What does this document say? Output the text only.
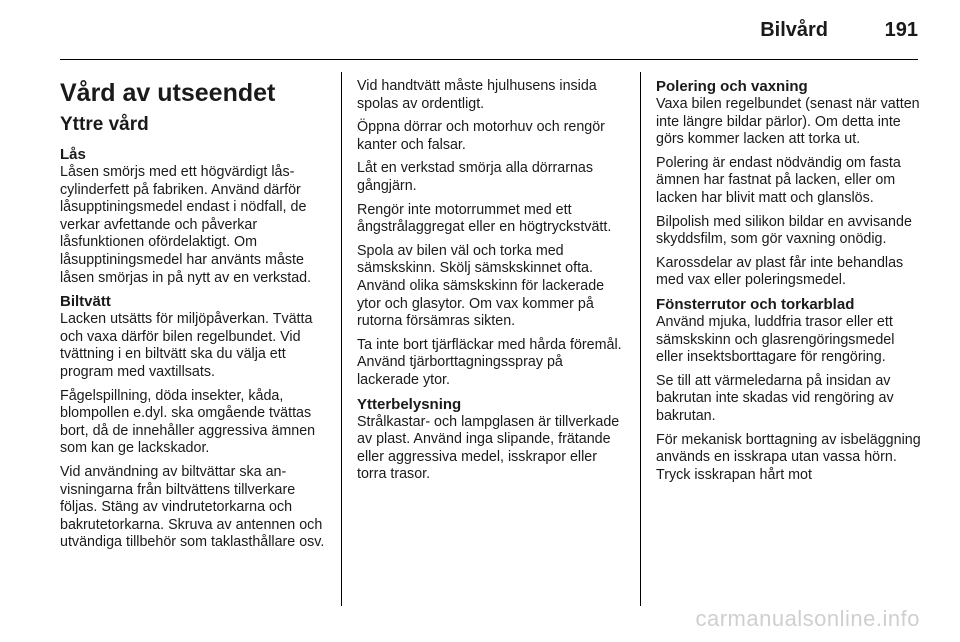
Bilvård	191
Vård av utseendet
Yttre vård
Lås

Låsen smörjs med ett högvärdigt låscylinderfett på fabriken. Använd därför låsupptiningsmedel endast i nödfall, de verkar avfettande och påverkar låsfunktionen ofördelaktigt. Om låsupptiningsmedel har använts måste låsen smörjas in på nytt av en verkstad.

Biltvätt

Lacken utsätts för miljöpåverkan. Tvätta och vaxa därför bilen regelbundet. Vid tvättning i en biltvätt ska du välja ett program med vaxtillsats.

Fågelspillning, döda insekter, kåda, blompollen e.dyl. ska omgående tvättas bort, då de innehåller aggressiva ämnen som kan ge lackskador.

Vid användning av biltvättar ska anvisningarna från biltvättens tillverkare följas. Stäng av vindrutetorkarna och bakrutetorkarna. Skruva av antennen och utvändiga tillbehör som taklasthållare osv.

Vid handtvätt måste hjulhusens insida spolas av ordentligt.

Öppna dörrar och motorhuv och rengör kanter och falsar.

Låt en verkstad smörja alla dörrarnas gångjärn.

Rengör inte motorrummet med ett ångstrålaggregat eller en högtryckstvätt.

Spola av bilen väl och torka med sämskskinn. Skölj sämskskinnet ofta. Använd olika sämskskinn för lackerade ytor och glasytor. Om vax kommer på rutorna försämras sikten.

Ta inte bort tjärfläckar med hårda föremål. Använd tjärborttagningsspray på lackerade ytor.

Ytterbelysning

Strålkastar- och lampglasen är tillverkade av plast. Använd inga slipande, frätande eller aggressiva medel, isskrapor eller torra trasor.

Polering och vaxning

Vaxa bilen regelbundet (senast när vatten inte längre bildar pärlor). Om detta inte görs kommer lacken att torka ut.

Polering är endast nödvändig om fasta ämnen har fastnat på lacken, eller om lacken har blivit matt och glanslös.

Bilpolish med silikon bildar en avvisande skyddsfilm, som gör vaxning onödig.

Karossdelar av plast får inte behandlas med vax eller poleringsmedel.

Fönsterrutor och torkarblad

Använd mjuka, luddfria trasor eller ett sämskskinn och glasrengöringsmedel eller insektsborttagare för rengöring.

Se till att värmeledarna på insidan av bakrutan inte skadas vid rengöring av bakrutan.

För mekanisk borttagning av isbeläggning används en isskrapa utan vassa hörn. Tryck isskrapan hårt mot

carmanualsonline.info
